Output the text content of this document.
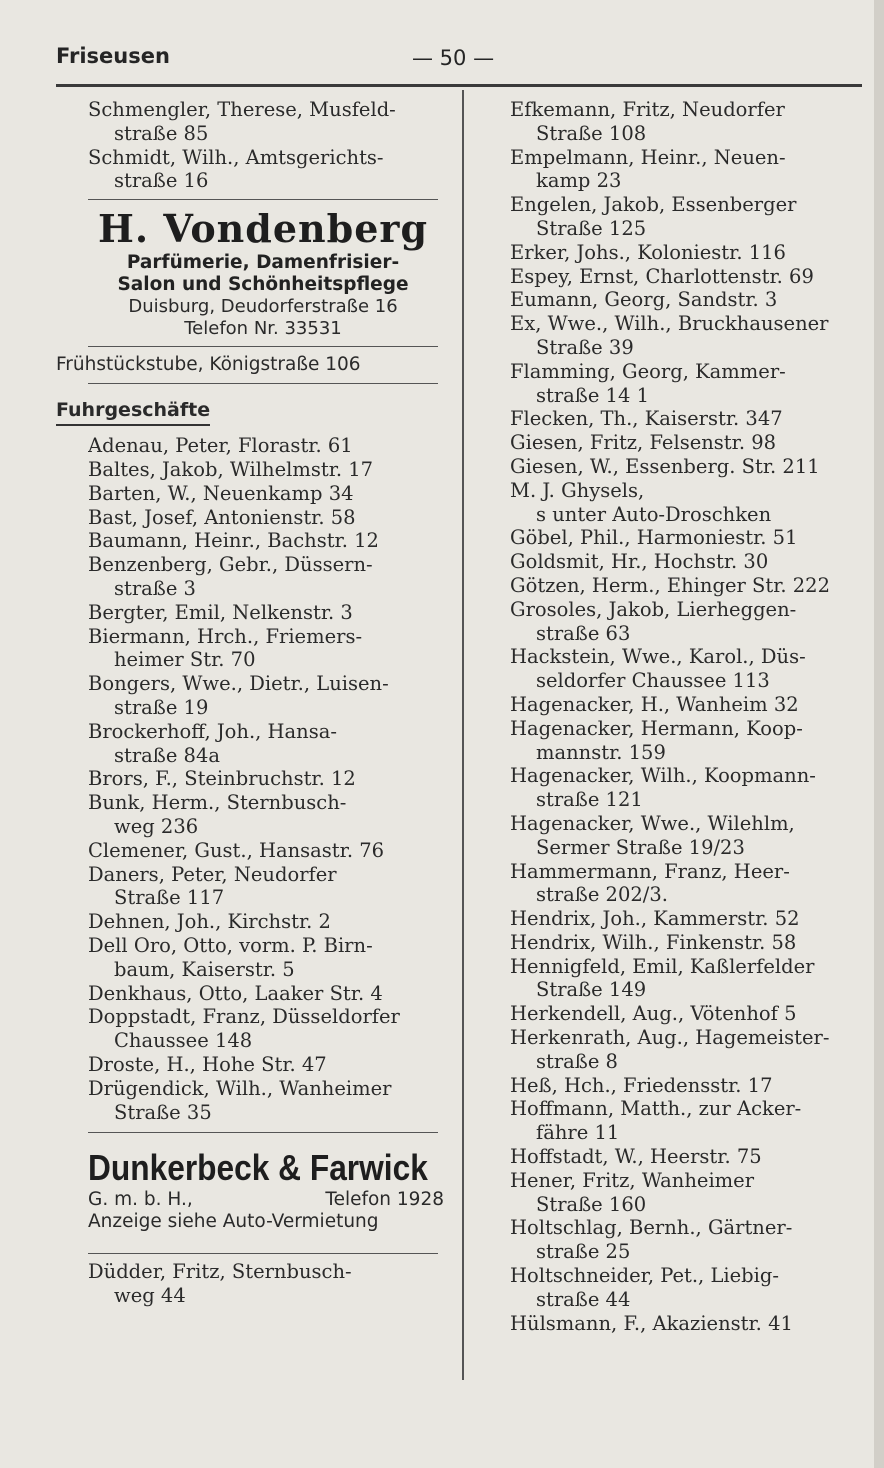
Friseusen	— 50 —
Schmengler, Therese, Musfeld-
straße 85
Schmidt, Wilh., Amtsgerichts-
straße 16
H. Vondenberg
Parfümerie, Damenfrisier-
Salon und Schönheitspflege
Duisburg, Deudorferstraße 16
Telefon Nr. 33531
Frühstückstube, Königstraße 106
Fuhrgeschäfte
Adenau, Peter, Florastr. 61
Baltes, Jakob, Wilhelmstr. 17
Barten, W., Neuenkamp 34
Bast, Josef, Antonienstr. 58
Baumann, Heinr., Bachstr. 12
Benzenberg, Gebr., Düssern-
straße 3
Bergter, Emil, Nelkenstr. 3
Biermann, Hrch., Friemers-
heimer Str. 70
Bongers, Wwe., Dietr., Luisen-
straße 19
Brockerhoff, Joh., Hansa-
straße 84a
Brors, F., Steinbruchstr. 12
Bunk, Herm., Sternbusch-
weg 236
Clemener, Gust., Hansastr. 76
Daners, Peter, Neudorfer
Straße 117
Dehnen, Joh., Kirchstr. 2
Dell Oro, Otto, vorm. P. Birn-
baum, Kaiserstr. 5
Denkhaus, Otto, Laaker Str. 4
Doppstadt, Franz, Düsseldorfer
Chaussee 148
Droste, H., Hohe Str. 47
Drügendick, Wilh., Wanheimer
Straße 35
Dunkerbeck & Farwick
G. m. b. H.,	Telefon 1928
Anzeige siehe Auto-Vermietung
Düdder, Fritz, Sternbusch-
weg 44
Efkemann, Fritz, Neudorfer
Straße 108
Empelmann, Heinr., Neuen-
kamp 23
Engelen, Jakob, Essenberger
Straße 125
Erker, Johs., Koloniestr. 116
Espey, Ernst, Charlottenstr. 69
Eumann, Georg, Sandstr. 3
Ex, Wwe., Wilh., Bruckhausener
Straße 39
Flamming, Georg, Kammer-
straße 14 1
Flecken, Th., Kaiserstr. 347
Giesen, Fritz, Felsenstr. 98
Giesen, W., Essenberg. Str. 211
M. J. Ghysels,
s unter Auto-Droschken
Göbel, Phil., Harmoniestr. 51
Goldsmit, Hr., Hochstr. 30
Götzen, Herm., Ehinger Str. 222
Grosoles, Jakob, Lierheggen-
straße 63
Hackstein, Wwe., Karol., Düs-
seldorfer Chaussee 113
Hagenacker, H., Wanheim 32
Hagenacker, Hermann, Koop-
mannstr. 159
Hagenacker, Wilh., Koopmann-
straße 121
Hagenacker, Wwe., Wilehlm,
Sermer Straße 19/23
Hammermann, Franz, Heer-
straße 202/3.
Hendrix, Joh., Kammerstr. 52
Hendrix, Wilh., Finkenstr. 58
Hennigfeld, Emil, Kaßlerfelder
Straße 149
Herkendell, Aug., Vötenhof 5
Herkenrath, Aug., Hagemeister-
straße 8
Heß, Hch., Friedensstr. 17
Hoffmann, Matth., zur Acker-
fähre 11
Hoffstadt, W., Heerstr. 75
Hener, Fritz, Wanheimer
Straße 160
Holtschlag, Bernh., Gärtner-
straße 25
Holtschneider, Pet., Liebig-
straße 44
Hülsmann, F., Akazienstr. 41
